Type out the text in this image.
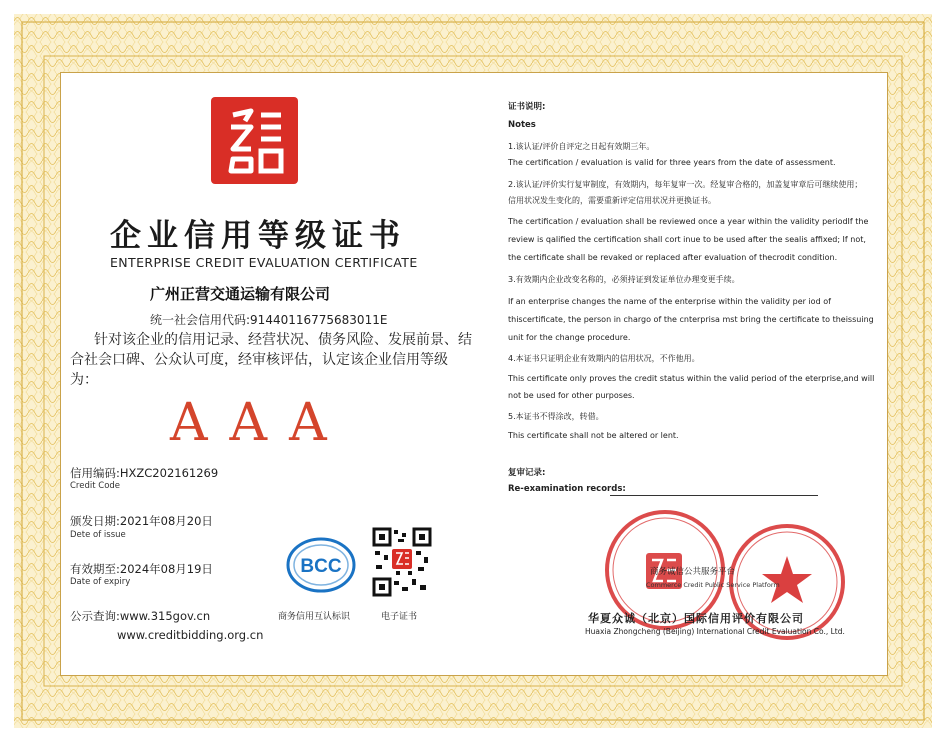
企业信用等级证书
ENTERPRISE CREDIT EVALUATION CERTIFICATE
广州正营交通运输有限公司
统一社会信用代码:91440116775683011E
针对该企业的信用记录、经营状况、债务风险、发展前景、结合社会口碑、公众认可度，经审核评估，认定该企业信用等级为：
AAA
信用编码:HXZC202161269
Credit Code
颁发日期:2021年08月20日
Dete of issue
有效期至:2024年08月19日
Date of expiry
公示查询:www.315gov.cn
www.creditbidding.org.cn
BCC
商务信用互认标识	电子证书
证书说明:
Notes
1.该认证/评价自评定之日起有效期三年。
The certification / evaluation is valid for three years from the date of assessment.
2.该认证/评价实行复审制度，有效期内，每年复审一次。经复审合格的，加盖复审章后可继续使用；
信用状况发生变化的，需要重新评定信用状况并更换证书。
The certification / evaluation shall be reviewed once a year within the validity periodIf the
review is qalified the certification shall cort inue to be used after the sealis affixed; If not,
the certificate shall be revaked or replaced after evaluation of thecrodit condition.
3.有效期内企业改变名称的，必须持证到发证单位办理变更手续。
If an enterprise changes the name of the enterprise within the validity per iod of
thiscertificate, the person in chargo of the cnterprisa mst bring the certificate to theissuing
unit for the change procedure.
4.本证书只证明企业有效期内的信用状况，不作他用。
This certificate only proves the credit status within the valid period of the eterprise,and will
not be used for other purposes.
5.本证书不得涂改，转借。
This certificate shall not be altered or lent.
复审记录:
Re-examination records:
商务诚信公共服务平台
Commerce Credit Public Service Platform
华夏众诚（北京）国际信用评价有限公司
Huaxia Zhongcheng (Beijing) International Credit Evaluation Co., Ltd.
